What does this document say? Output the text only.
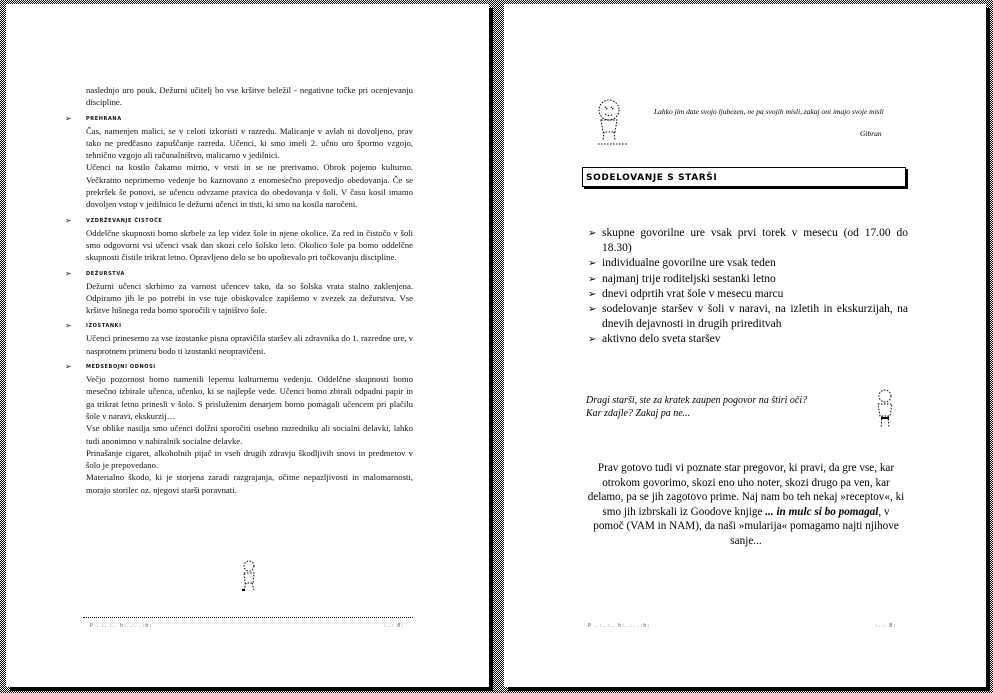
naslednjo uro pouk. Dežurni učitelj bo vse kršitve beležil - negativne točke pri ocenjevanju discipline.

➢	PREHRANA

Čas, namenjen malici, se v celoti izkoristi v razredu. Malicanje v avlah ni dovoljeno, prav tako ne predčasno zapuščanje razreda. Učenci, ki smo imeli 2. učno uro športno vzgojo, tehnično vzgojo ali računalništvo, malicamo v jedilnici.

Učenci na kosilo čakamo mirno, v vrsti in se ne prerivamo. Obrok pojemo kulturno. Večkratno neprimerno vedenje bo kaznovano z enomesečno prepovedjo obedovanja. Če se prekršek še ponovi, se učencu odvzame pravica do obedovanja v šoli. V času kosil imamo dovoljen vstop v jedilnico le dežurni učenci in tisti, ki smo na kosila naročeni.

➢	VZDRŽEVANJE ČISTOČE

Oddelčne skupnosti bomo skrbele za lep videz šole in njene okolice. Za red in čistočo v šoli smo odgovorni vsi učenci vsak dan skozi celo šolsko leto. Okolico šole pa bomo oddelčne skupnosti čistile trikrat letno. Opravljeno delo se bo upoštevalo pri točkovanju discipline.

➢	DEŽURSTVA

Dežurni učenci skrbimo za varnost učencev tako, da so šolska vrata stalno zaklenjena. Odpiramo jih le po potrebi in vse tuje obiskovalce zapišemo v zvezek za dežurstva. Vse kršitve hišnega reda bomo sporočili v tajništvo šole.

➢	IZOSTANKI

Učenci prinesemo za vse izostanke pisna opravičila staršev ali zdravnika do 1. razredne ure, v nasprotnem primeru bodo ti izostanki neopravičeni.

➢	MEDSEBOJNI ODNOSI

Večjo pozornost bomo namenili lepemu kulturnemu vedenju. Oddelčne skupnosti bomo mesečno izbirale učenca, učenko, ki se najlepše vede. Učenci bomo zbirali odpadni papir in ga trikrat letno prinesli v šolo. S prisluženim denarjem bomo pomagali učencem pri plačilu šole v naravi, ekskurzij…

Vse oblike nasilja smo učenci dolžni sporočiti osebno razredniku ali socialni delavki, lahko tudi anonimno v nabiralnik socialne delavke.

Prinašanje cigaret, alkoholnih pijač in vseh drugih zdravju škodljivih snovi in predmetov v šolo je prepovedano.

Materialno škodo, ki je storjena zaradi razgrajanja, očitne nepazljivosti in malomarnosti, morajo storilec oz. njegovi starši poravnati.

P ..:..:.. h:..:. .:h:	:..: 8:
Lahko jim date svojo ljubezen, ne pa svojih misli, zakaj oni imajo svoje misli
Gibran
SODELOVANJE S STARŠI
➢ skupne govorilne ure vsak prvi torek v mesecu (od 17.00 do 18.30)
➢ individualne govorilne ure vsak teden
➢ najmanj trije roditeljski sestanki letno
➢ dnevi odprtih vrat šole v mesecu marcu
➢ sodelovanje staršev v šoli v naravi, na izletih in ekskurzijah, na dnevih dejavnosti in drugih prireditvah
➢ aktivno delo sveta staršev
Dragi starši, ste za kratek zaupen pogovor na štiri oči?
Kar zdajle? Zakaj pa ne...
Prav gotovo tudi vi poznate star pregovor, ki pravi, da gre vse, kar otrokom govorimo, skozi eno uho noter, skozi drugo pa ven, kar delamo, pa se jih zagotovo prime. Naj nam bo teh nekaj »receptov«, ki smo jih izbrskali iz Goodove knjige ... in mulc si bo pomagal, v pomoč (VAM in NAM), da naši »mularija« pomagamo najti njihove sanje...
P ..:..:.. h:..:. .:h:	:..: 8:
